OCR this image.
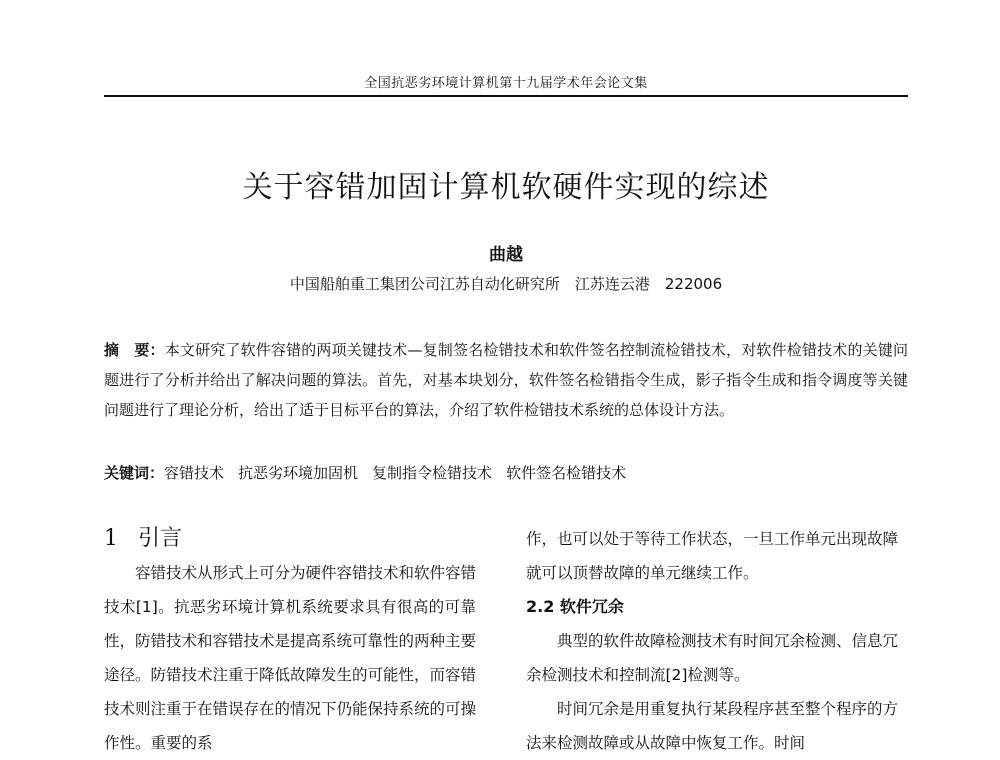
全国抗恶劣环境计算机第十九届学术年会论文集
关于容错加固计算机软硬件实现的综述
曲越
中国船舶重工集团公司江苏自动化研究所　江苏连云港　222006
摘　要：本文研究了软件容错的两项关键技术—复制签名检错技术和软件签名控制流检错技术，对软件检错技术的关键问题进行了分析并给出了解决问题的算法。首先，对基本块划分，软件签名检错指令生成，影子指令生成和指令调度等关键问题进行了理论分析，给出了适于目标平台的算法，介绍了软件检错技术系统的总体设计方法。
关键词：容错技术 抗恶劣环境加固机 复制指令检错技术 软件签名检错技术
1 引言

容错技术从形式上可分为硬件容错技术和软件容错技术[1]。抗恶劣环境计算机系统要求具有很高的可靠性，防错技术和容错技术是提高系统可靠性的两种主要途径。防错技术注重于降低故障发生的可能性，而容错技术则注重于在错误存在的情况下仍能保持系统的可操作性。重要的系

作，也可以处于等待工作状态，一旦工作单元出现故障就可以顶替故障的单元继续工作。

2.2 软件冗余

典型的软件故障检测技术有时间冗余检测、信息冗余检测技术和控制流[2]检测等。

时间冗余是用重复执行某段程序甚至整个程序的方法来检测故障或从故障中恢复工作。时间
